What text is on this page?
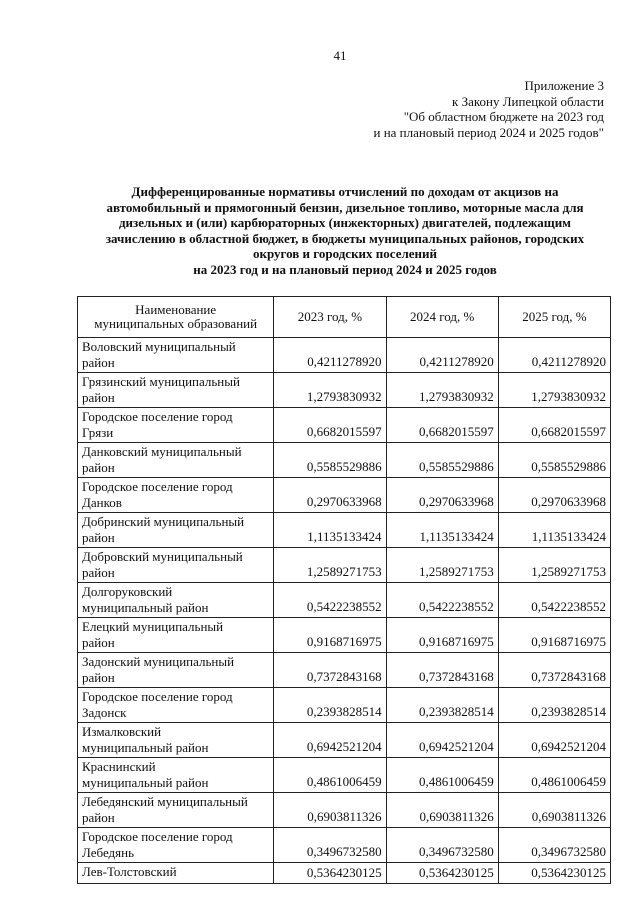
41
Приложение 3
к Закону Липецкой области
"Об областном бюджете на 2023 год
и на плановый период 2024 и 2025 годов"
Дифференцированные нормативы отчислений по доходам от акцизов на
автомобильный и прямогонный бензин, дизельное топливо, моторные масла для
дизельных и (или) карбюраторных (инжекторных) двигателей, подлежащим
зачислению в областной бюджет, в бюджеты муниципальных районов, городских
округов и городских поселений
на 2023 год и на плановый период 2024 и 2025 годов
Наименование
муниципальных образований	2023 год, %	2024 год, %	2025 год, %
Воловский муниципальный
район	0,4211278920	0,4211278920	0,4211278920
Грязинский муниципальный
район	1,2793830932	1,2793830932	1,2793830932
Городское поселение город
Грязи	0,6682015597	0,6682015597	0,6682015597
Данковский муниципальный
район	0,5585529886	0,5585529886	0,5585529886
Городское поселение город
Данков	0,2970633968	0,2970633968	0,2970633968
Добринский муниципальный
район	1,1135133424	1,1135133424	1,1135133424
Добровский муниципальный
район	1,2589271753	1,2589271753	1,2589271753
Долгоруковский
муниципальный район	0,5422238552	0,5422238552	0,5422238552
Елецкий муниципальный
район	0,9168716975	0,9168716975	0,9168716975
Задонский муниципальный
район	0,7372843168	0,7372843168	0,7372843168
Городское поселение город
Задонск	0,2393828514	0,2393828514	0,2393828514
Измалковский
муниципальный район	0,6942521204	0,6942521204	0,6942521204
Краснинский
муниципальный район	0,4861006459	0,4861006459	0,4861006459
Лебедянский муниципальный
район	0,6903811326	0,6903811326	0,6903811326
Городское поселение город
Лебедянь	0,3496732580	0,3496732580	0,3496732580
Лев-Толстовский	0,5364230125	0,5364230125	0,5364230125
